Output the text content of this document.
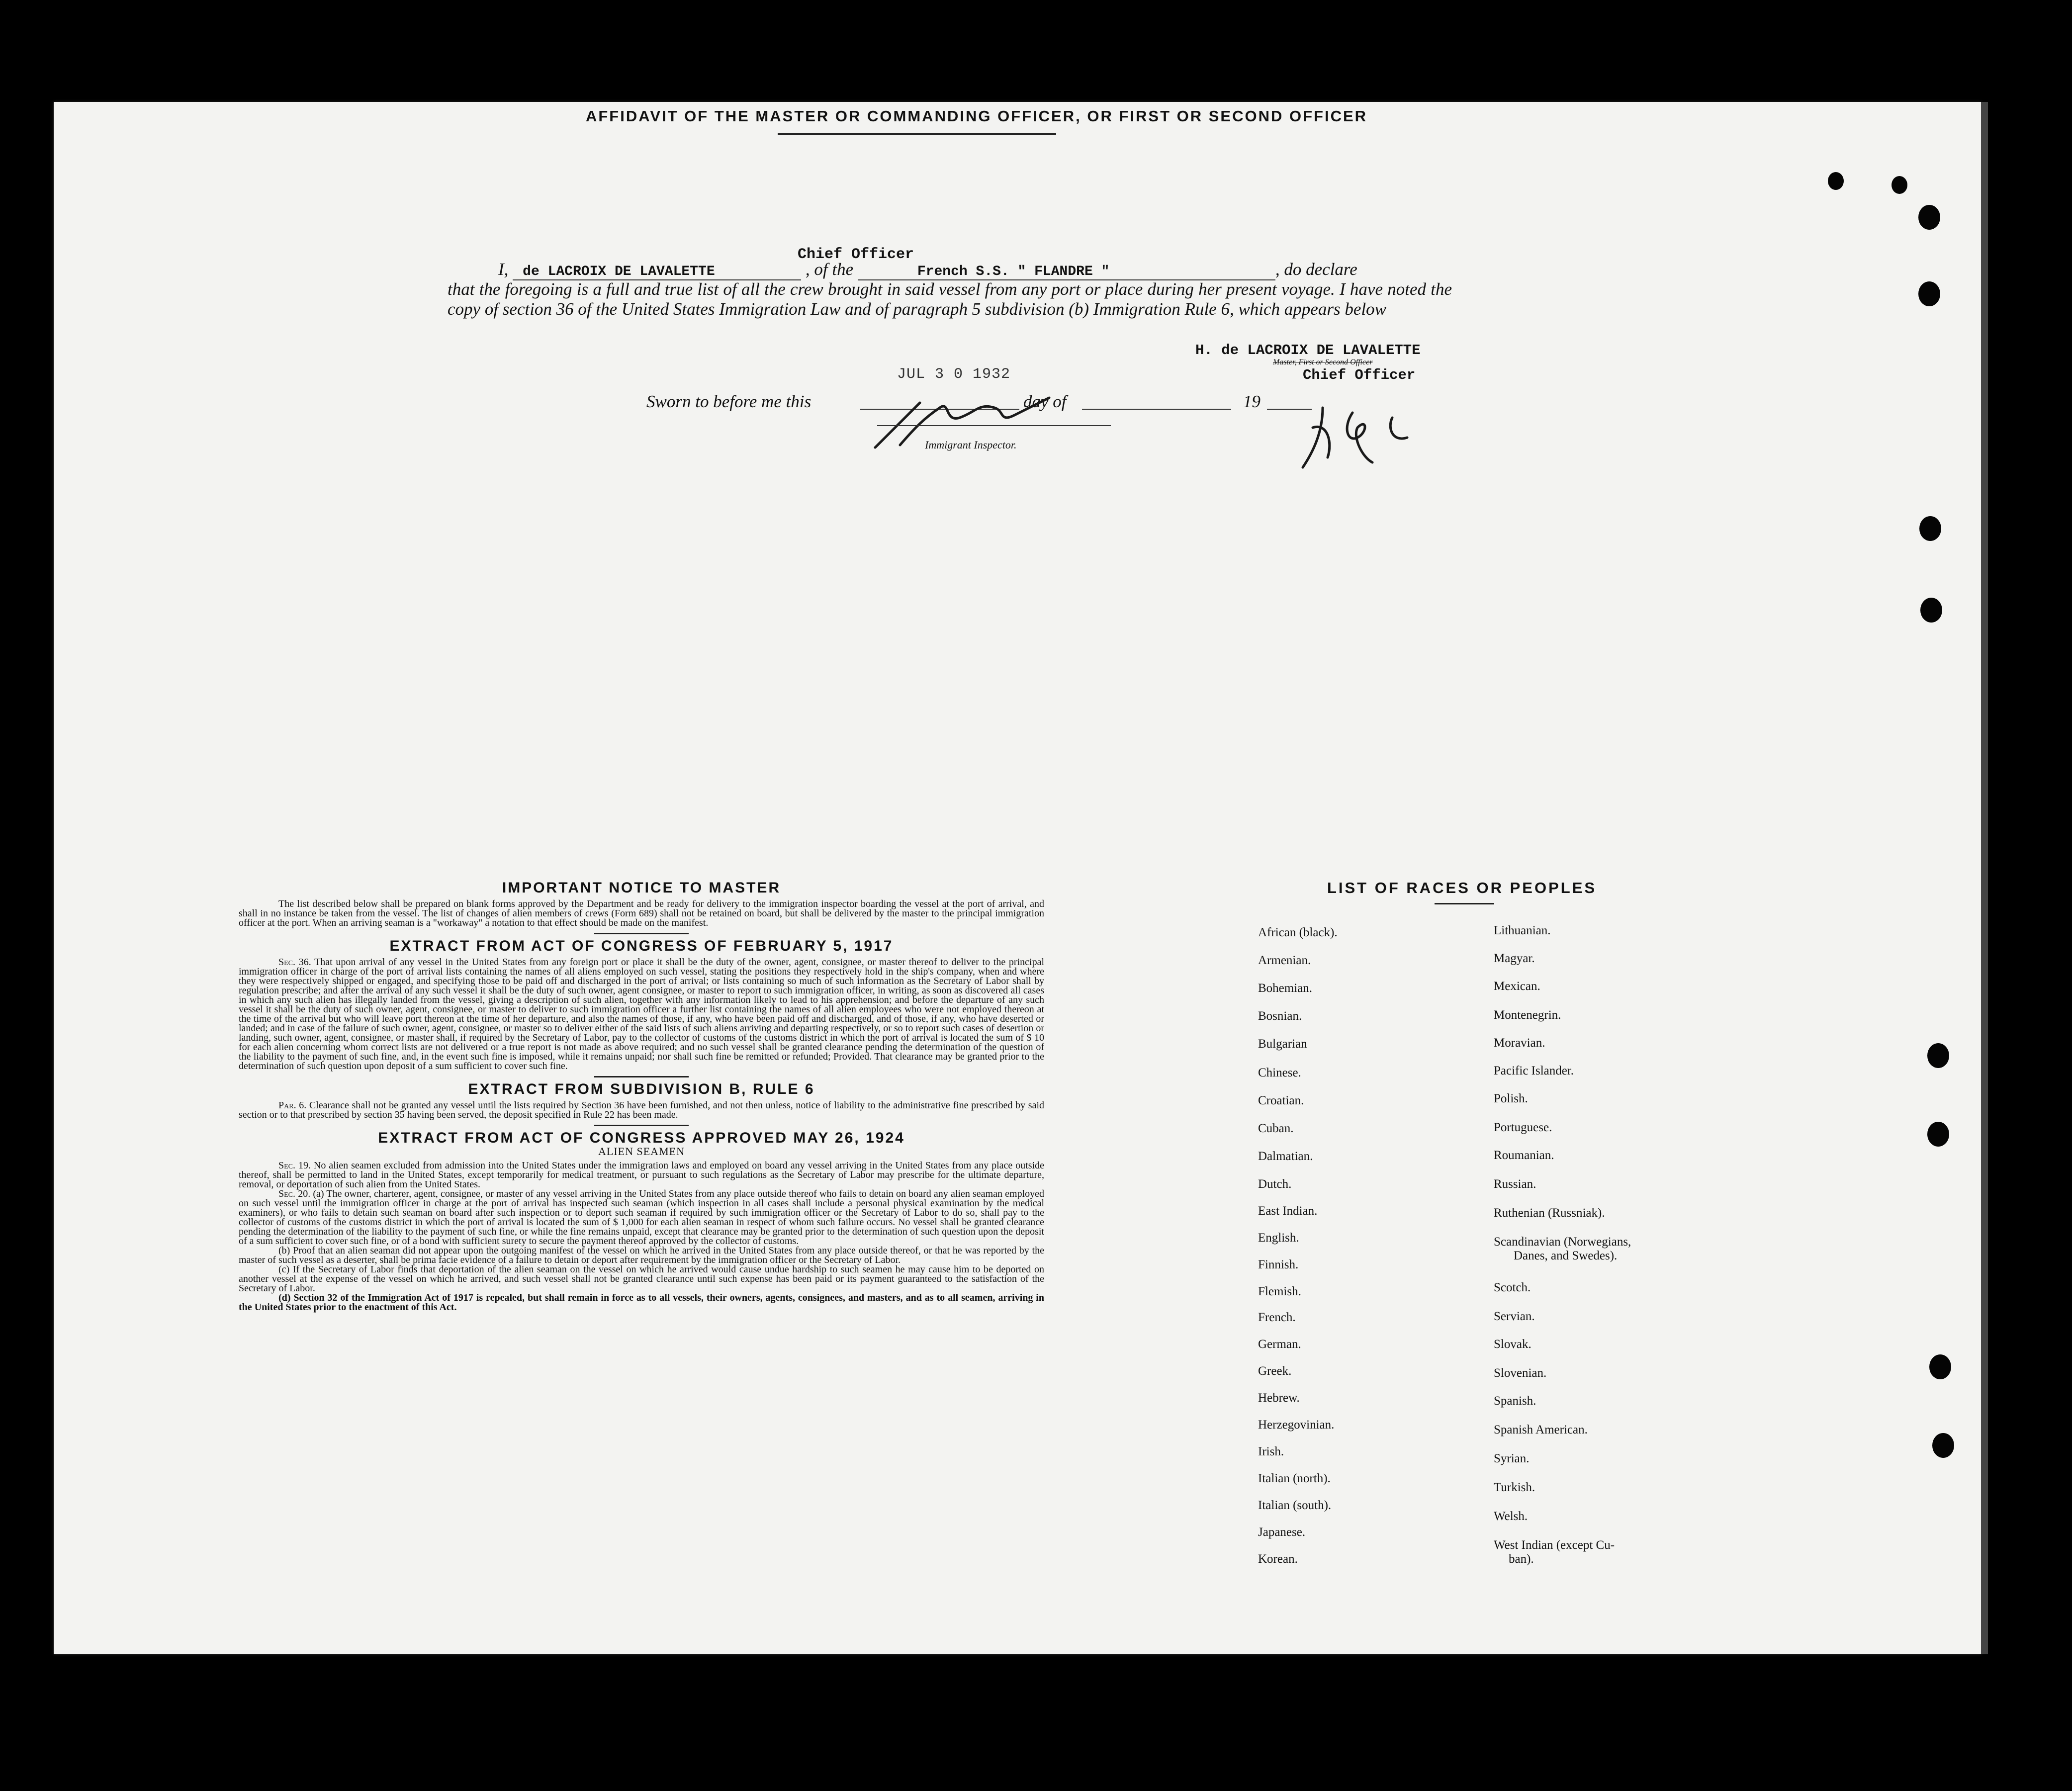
AFFIDAVIT OF THE MASTER OR COMMANDING OFFICER, OR FIRST OR SECOND OFFICER
Chief Officer
I, de LACROIX DE LAVALETTE	, of the	French S.S. " FLANDRE "	, do declare
that the foregoing is a full and true list of all the crew brought in said vessel from any port or place during her present voyage. I have noted the copy of section 36 of the United States Immigration Law and of paragraph 5 subdivision (b) Immigration Rule 6, which appears below
H. de LACROIX DE LAVALETTE
Master, First or Second Officer
Chief Officer
Sworn to before me this
JUL 3 0 1932
day of	19
Immigrant Inspector.
IMPORTANT NOTICE TO MASTER

The list described below shall be prepared on blank forms approved by the Department and be ready for delivery to the immigration inspector boarding the vessel at the port of arrival, and shall in no instance be taken from the vessel. The list of changes of alien members of crews (Form 689) shall not be retained on board, but shall be delivered by the master to the principal immigration officer at the port. When an arriving seaman is a "workaway" a notation to that effect should be made on the manifest.

EXTRACT FROM ACT OF CONGRESS OF FEBRUARY 5, 1917

Sec. 36. That upon arrival of any vessel in the United States from any foreign port or place it shall be the duty of the owner, agent, consignee, or master thereof to deliver to the principal immigration officer in charge of the port of arrival lists containing the names of all aliens employed on such vessel, stating the positions they respectively hold in the ship's company, when and where they were respectively shipped or engaged, and specifying those to be paid off and discharged in the port of arrival; or lists containing so much of such information as the Secretary of Labor shall by regulation prescribe; and after the arrival of any such vessel it shall be the duty of such owner, agent consignee, or master to report to such immigration officer, in writing, as soon as discovered all cases in which any such alien has illegally landed from the vessel, giving a description of such alien, together with any information likely to lead to his apprehension; and before the departure of any such vessel it shall be the duty of such owner, agent, consignee, or master to deliver to such immigration officer a further list containing the names of all alien employees who were not employed thereon at the time of the arrival but who will leave port thereon at the time of her departure, and also the names of those, if any, who have been paid off and discharged, and of those, if any, who have deserted or landed; and in case of the failure of such owner, agent, consignee, or master so to deliver either of the said lists of such aliens arriving and departing respectively, or so to report such cases of desertion or landing, such owner, agent, consignee, or master shall, if required by the Secretary of Labor, pay to the collector of customs of the customs district in which the port of arrival is located the sum of $ 10 for each alien concerning whom correct lists are not delivered or a true report is not made as above required; and no such vessel shall be granted clearance pending the determination of the question of the liability to the payment of such fine, and, in the event such fine is imposed, while it remains unpaid; nor shall such fine be remitted or refunded; Provided. That clearance may be granted prior to the determination of such question upon deposit of a sum sufficient to cover such fine.

EXTRACT FROM SUBDIVISION B, RULE 6

Par. 6. Clearance shall not be granted any vessel until the lists required by Section 36 have been furnished, and not then unless, notice of liability to the administrative fine prescribed by said section or to that prescribed by section 35 having been served, the deposit specified in Rule 22 has been made.

EXTRACT FROM ACT OF CONGRESS APPROVED MAY 26, 1924
ALIEN SEAMEN

Sec. 19. No alien seamen excluded from admission into the United States under the immigration laws and employed on board any vessel arriving in the United States from any place outside thereof, shall be permitted to land in the United States, except temporarily for medical treatment, or pursuant to such regulations as the Secretary of Labor may prescribe for the ultimate departure, removal, or deportation of such alien from the United States.

Sec. 20. (a) The owner, charterer, agent, consignee, or master of any vessel arriving in the United States from any place outside thereof who fails to detain on board any alien seaman employed on such vessel until the immigration officer in charge at the port of arrival has inspected such seaman (which inspection in all cases shall include a personal physical examination by the medical examiners), or who fails to detain such seaman on board after such inspection or to deport such seaman if required by such immigration officer or the Secretary of Labor to do so, shall pay to the collector of customs of the customs district in which the port of arrival is located the sum of $ 1,000 for each alien seaman in respect of whom such failure occurs. No vessel shall be granted clearance pending the determination of the liability to the payment of such fine, or while the fine remains unpaid, except that clearance may be granted prior to the determination of such question upon the deposit of a sum sufficient to cover such fine, or of a bond with sufficient surety to secure the payment thereof approved by the collector of customs.

(b) Proof that an alien seaman did not appear upon the outgoing manifest of the vessel on which he arrived in the United States from any place outside thereof, or that he was reported by the master of such vessel as a deserter, shall be prima facie evidence of a failure to detain or deport after requirement by the immigration officer or the Secretary of Labor.

(c) If the Secretary of Labor finds that deportation of the alien seaman on the vessel on which he arrived would cause undue hardship to such seamen he may cause him to be deported on another vessel at the expense of the vessel on which he arrived, and such vessel shall not be granted clearance until such expense has been paid or its payment guaranteed to the satisfaction of the Secretary of Labor.

(d) Section 32 of the Immigration Act of 1917 is repealed, but shall remain in force as to all vessels, their owners, agents, consignees, and masters, and as to all seamen, arriving in the United States prior to the enactment of this Act.

LIST OF RACES OR PEOPLES
African (black).
Armenian.
Bohemian.
Bosnian.
Bulgarian
Chinese.
Croatian.
Cuban.
Dalmatian.
Dutch.
East Indian.
English.
Finnish.
Flemish.
French.
German.
Greek.
Hebrew.
Herzegovinian.
Irish.
Italian (north).
Italian (south).
Japanese.
Korean.
Lithuanian.
Magyar.
Mexican.
Montenegrin.
Moravian.
Pacific Islander.
Polish.
Portuguese.
Roumanian.
Russian.
Ruthenian (Russniak).
Scandinavian (Norwegians,
Danes, and Swedes).
Scotch.
Servian.
Slovak.
Slovenian.
Spanish.
Spanish American.
Syrian.
Turkish.
Welsh.
West Indian (except Cu-
ban).
